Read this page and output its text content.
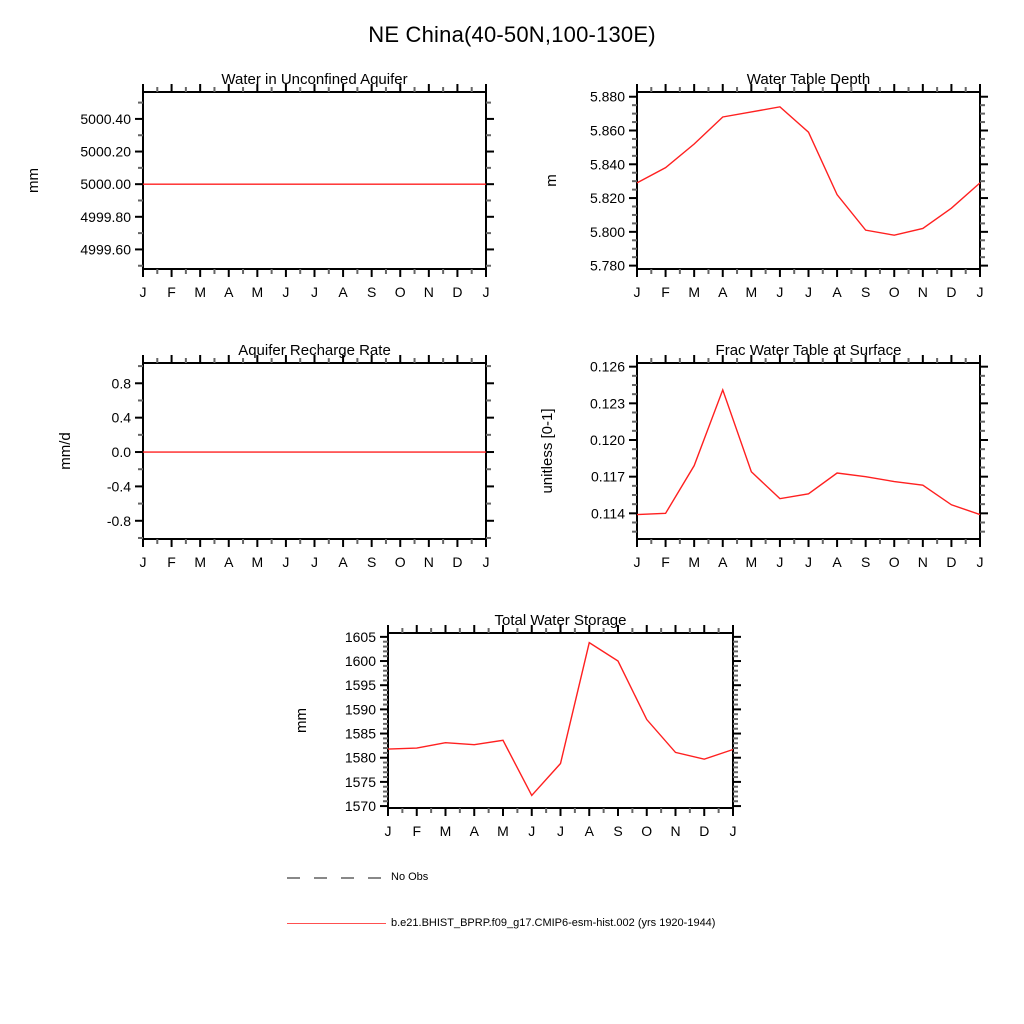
NE China(40-50N,100-130E)
J F M A M J J A S O N D J
4999.60
4999.80
5000.00
5000.20
5000.40
Water in Unconfined Aquifer
mm
J F M A M J J A S O N D J
5.780
5.800
5.820
5.840
5.860
5.880
Water Table Depth
m
J F M A M J J A S O N D J
-0.8
-0.4
0.0
0.4
0.8
Aquifer Recharge Rate
mm/d
J F M A M J J A S O N D J
0.114
0.117
0.120
0.123
0.126
Frac Water Table at Surface
unitless [0-1]
J F M A M J J A S O N D J
1570
1575
1580
1585
1590
1595
1600
1605
Total Water Storage
mm
No Obs
b.e21.BHIST_BPRP.f09_g17.CMIP6-esm-hist.002 (yrs 1920-1944)
